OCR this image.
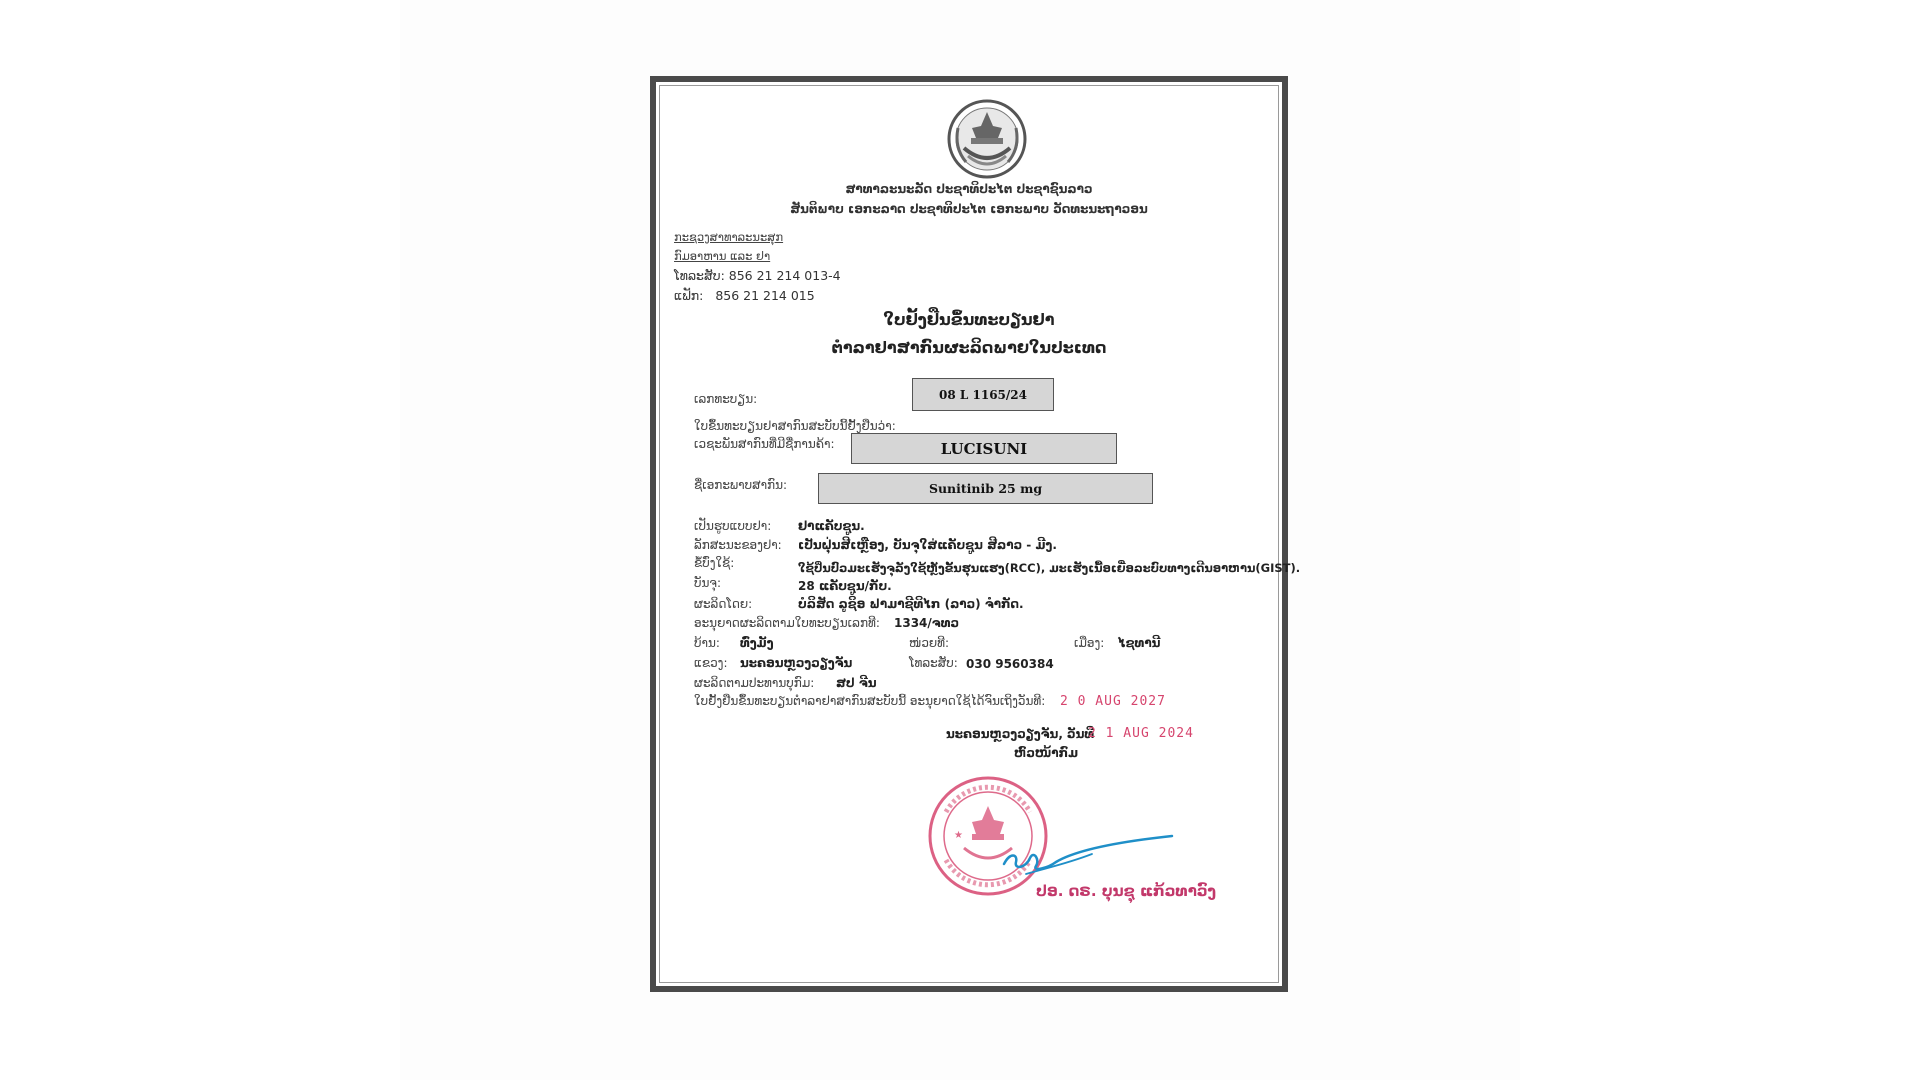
ສາທາລະນະລັດ ປະຊາທິປະໄຕ ປະຊາຊົນລາວ
ສັນຕິພາບ ເອກະລາດ ປະຊາທິປະໄຕ ເອກະພາບ ວັດທະນະຖາວອນ
ກະຊວງສາທາລະນະສຸກ
ກົມອາຫານ ແລະ ຢາ
ໂທລະສັບ: 856 21 214 013-4
ແຟັກ: 856 21 214 015
ໃບຢັ້ງຢືນຂຶ້ນທະບຽນຢາ
ຕຳລາຢາສາກົນຜະລິດພາຍໃນປະເທດ
ເລກທະບຽນ:	08 L 1165/24
ໃບຂຶ້ນທະບຽນຢາສາກົນສະບັບນີ້ຢັ້ງຢືນວ່າ:
ເວຊະພັນສາກົນທີ່ມີຊື່ການຄ້າ:	LUCISUNI
ຊື່ເອກະພາບສາກົນ:	Sunitinib 25 mg
ເປັນຮູບແບບຢາ: ຢາແຄັບຊູນ.
ລັກສະນະຂອງຢາ: ເປັນຝຸ່ນສີເຫຼືອງ, ບັນຈຸໃສ່ແຄັບຊູນ ສີລາວ - ມີງ.
ຂໍ້ບົ່ງໃຊ້:	ໃຊ້ປິ່ນປົວມະເຮັງຈຸລັງໃຊ້ຫຼັງຂັ້ນຮຸນແຮງ(RCC), ມະເຮັງເນື້ອເຍື່ອລະບົບທາງເດີນອາຫານ(GIST).
ບັນຈຸ:	28 ແຄັບຊູນ/ກັບ.
ຜະລິດໂດຍ:	ບໍລິສັດ ລູຊິອ ຟາມາຊີທິໄກ (ລາວ) ຈຳກັດ.
ອະນຸຍາດຜະລິດຕາມໃບທະບຽນເລກທີ: 1334/ຈທວ
ບ້ານ: ທົ່ງມັງ	ໜ່ວຍທີ:	ເມືອງ: ໄຊທານີ
ແຂວງ: ນະຄອນຫຼວງວຽງຈັນ	ໂທລະສັບ: 030 9560384
ຜະລິດຕາມປະທານບຸກົມ: ສປ ຈີນ
ໃບຢັ້ງຢືນຂຶ້ນທະບຽນຕຳລາຢາສາກົນສະບັບນີ້ ອະນຸຍາດໃຊ້ໄດ້ຈົນເຖິງວັນທີ: 2 0 AUG 2027
ນະຄອນຫຼວງວຽງຈັນ, ວັນທີ
2 1 AUG 2024
ຫົວໜ້າກົມ
★
ປອ. ດຣ. ບຸນຊຸ ແກ້ວທາວົງ
